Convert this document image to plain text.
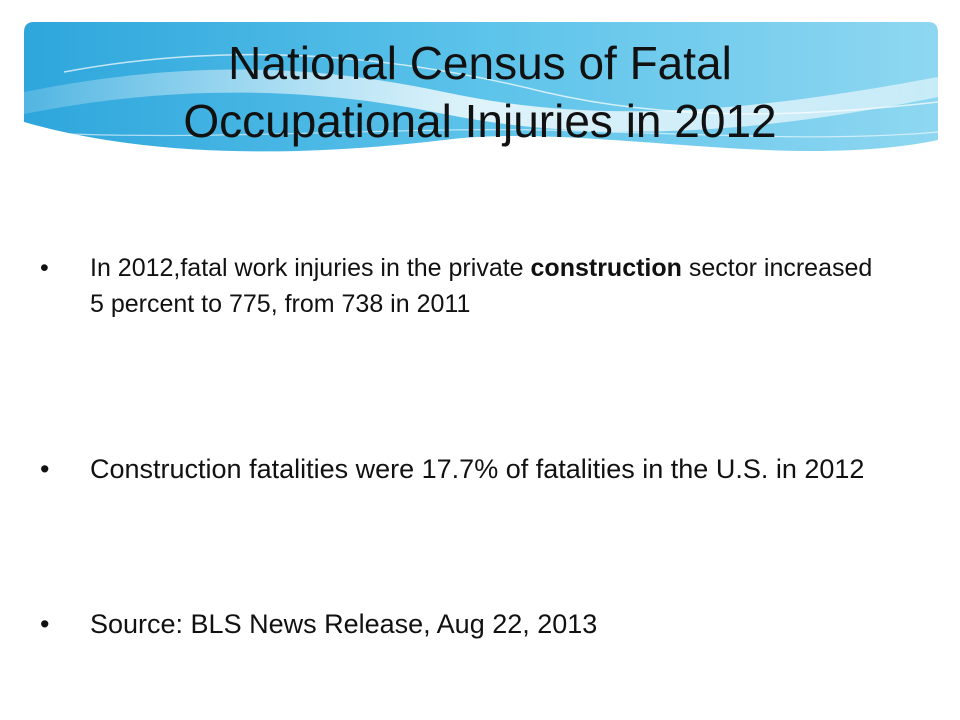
National Census of Fatal
Occupational Injuries in 2012
•	In 2012,fatal work injuries in the private construction sector increased 5 percent to 775, from 738 in 2011
•	Construction fatalities were 17.7% of fatalities in the U.S. in 2012
•	Source: BLS News Release, Aug 22, 2013
